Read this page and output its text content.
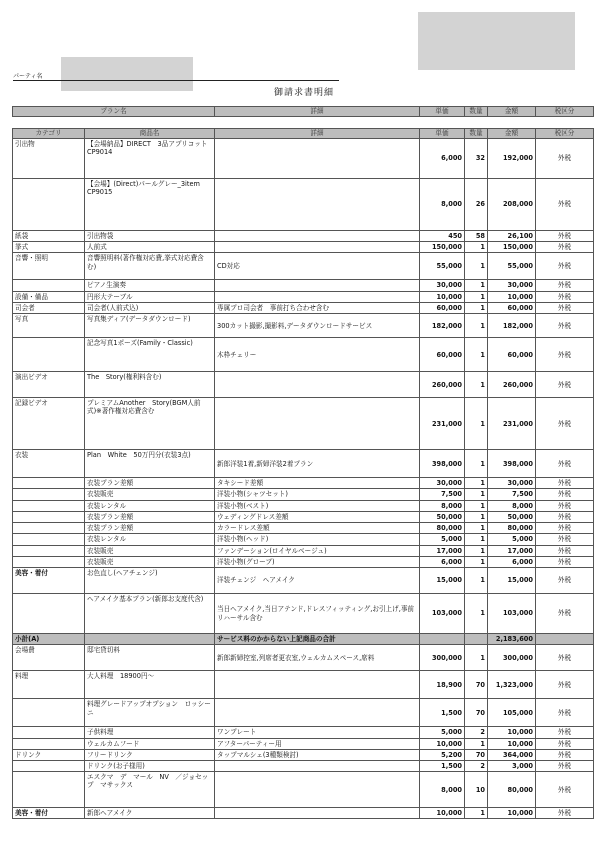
パーティ名
御請求書明細
プラン名	詳細	単価	数量	金額	税区分
カテゴリ	商品名	詳細	単価	数量	金額	税区分
引出物	【会場納品】DIRECT　3品アプリコットCP9014		6,000	32	192,000	外税
	【会場】(Direct)パールグレー_3item　CP9015		8,000	26	208,000	外税
紙袋	引出物袋		450	58	26,100	外税
挙式	人前式		150,000	1	150,000	外税
音響・照明	音響照明料(著作権対応費,挙式対応費含む)	CD対応	55,000	1	55,000	外税
	ピアノ生演奏		30,000	1	30,000	外税
設備・備品	円形大テーブル		10,000	1	10,000	外税
司会者	司会者(人前式込)	専属プロ司会者　事前打ち合わせ含む	60,000	1	60,000	外税
写真	写真集ディア(データダウンロード)	300カット撮影,撮影料,データダウンロードサービス	182,000	1	182,000	外税
	記念写真1ポーズ(Family・Classic)	木枠チェリー	60,000	1	60,000	外税
演出ビデオ	The　Story(権利料含む)		260,000	1	260,000	外税
記録ビデオ	プレミアムAnother　Story(BGM人前式)※著作権対応費含む		231,000	1	231,000	外税
衣装	Plan　White　50万円分(衣装3点)	新郎洋装1着,新婦洋装2着プラン	398,000	1	398,000	外税
	衣装プラン差額	タキシード差額	30,000	1	30,000	外税
	衣装販売	洋装小物(シャツセット)	7,500	1	7,500	外税
	衣装レンタル	洋装小物(ベスト)	8,000	1	8,000	外税
	衣装プラン差額	ウェディングドレス差額	50,000	1	50,000	外税
	衣装プラン差額	カラードレス差額	80,000	1	80,000	外税
	衣装レンタル	洋装小物(ヘッド)	5,000	1	5,000	外税
	衣装販売	ファンデーション(ロイヤルベージュ)	17,000	1	17,000	外税
	衣装販売	洋装小物(グローブ)	6,000	1	6,000	外税
美容・着付	お色直し(ヘアチェンジ)	洋装チェンジ　ヘアメイク	15,000	1	15,000	外税
	ヘアメイク基本プラン(新郎お支度代含)	当日ヘアメイク,当日アテンド,ドレスフィッティング,お引上げ,事前リハーサル含む	103,000	1	103,000	外税
小計(A)		サービス料のかからない上記商品の合計			2,183,600	
会場費	邸宅貸切料	新郎新婦控室,列席者更衣室,ウェルカムスペース,席料	300,000	1	300,000	外税
料理	大人料理　18900円～		18,900	70	1,323,000	外税
	料理グレードアップオプション　ロッシーニ		1,500	70	105,000	外税
	子供料理	ワンプレート	5,000	2	10,000	外税
	ウェルカムフード	アフターパーティー用	10,000	1	10,000	外税
ドリンク	フリードリンク	タップマルシェ(3種類検討)	5,200	70	364,000	外税
	ドリンク(お子様用)		1,500	2	3,000	外税
	エスクマ　デ　マール　NV　／ジョセップ　マサックス		8,000	10	80,000	外税
美容・着付	新郎ヘアメイク		10,000	1	10,000	外税
